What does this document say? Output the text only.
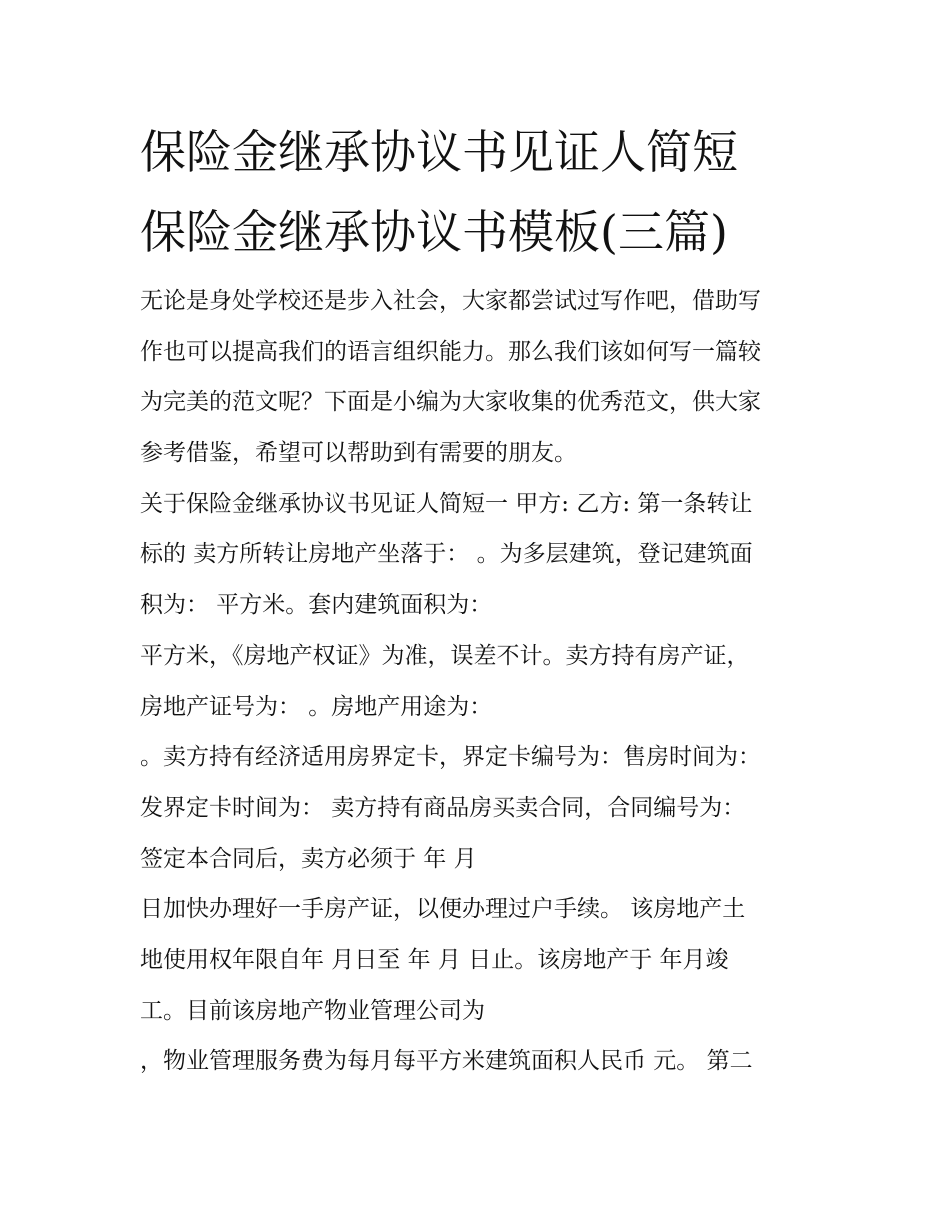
保险金继承协议书见证人简短
保险金继承协议书模板(三篇)
无论是身处学校还是步入社会，大家都尝试过写作吧，借助写
作也可以提高我们的语言组织能力。那么我们该如何写一篇较
为完美的范文呢？下面是小编为大家收集的优秀范文，供大家
参考借鉴，希望可以帮助到有需要的朋友。
关于保险金继承协议书见证人简短一 甲方: 乙方: 第一条转让
标的 卖方所转让房地产坐落于： 。为多层建筑，登记建筑面
积为： 平方米。套内建筑面积为：
平方米，《房地产权证》为准，误差不计。卖方持有房产证，
房地产证号为： 。房地产用途为：
。卖方持有经济适用房界定卡，界定卡编号为：售房时间为：
发界定卡时间为： 卖方持有商品房买卖合同，合同编号为：
签定本合同后，卖方必须于 年 月
日加快办理好一手房产证，以便办理过户手续。 该房地产土
地使用权年限自年 月日至 年 月 日止。该房地产于 年月竣
工。目前该房地产物业管理公司为
，物业管理服务费为每月每平方米建筑面积人民币 元。 第二
